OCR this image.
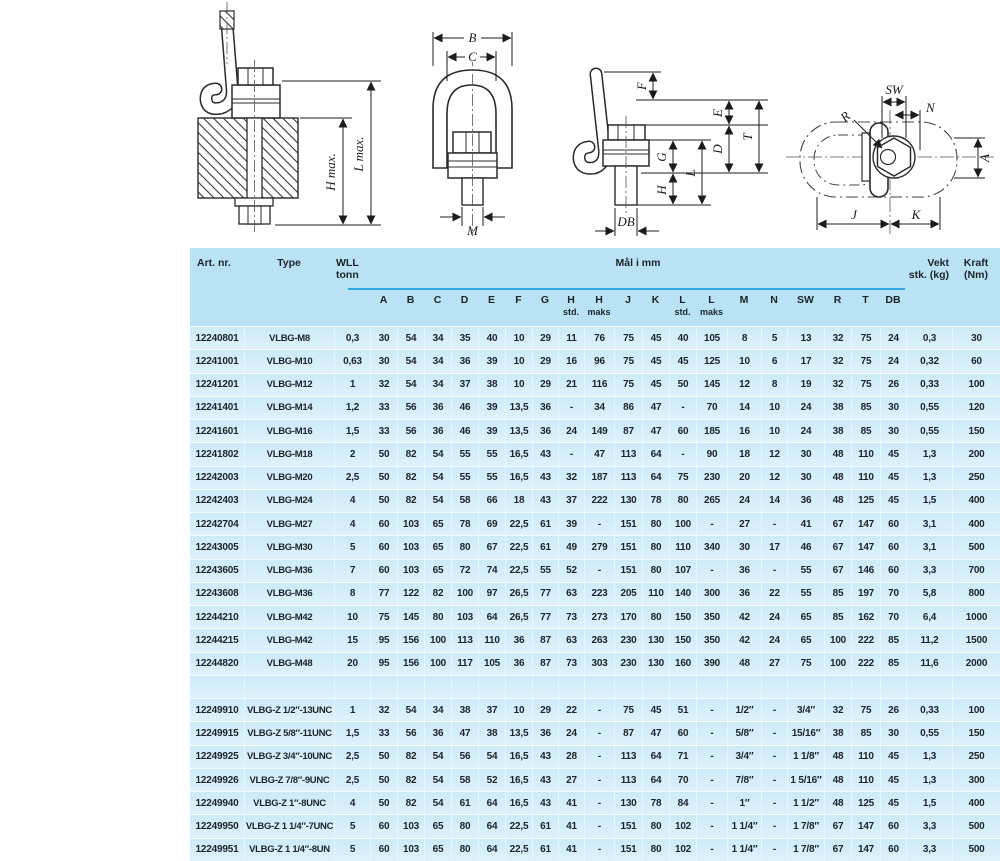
H max. L max.
B
C
M
F
E
T
D
G
L
H
DB
SW
N
R
A
J	K
Art. nr.	Type	WLL
tonn
Mål i mm	Vekt
stk. (kg)
Kraft
(Nm)
A	B	C	D	E	F	G	H
std.
H
maks
J	K	L
std.
L
maks
M	N	SW	R	T	DB
12240801	VLBG-M8	0,3	30	54	34	35	40	10	29	11	76	75	45	40	105	8	5	13	32	75	24	0,3	30
12241001	VLBG-M10	0,63	30	54	34	36	39	10	29	16	96	75	45	45	125	10	6	17	32	75	24	0,32	60
12241201	VLBG-M12	1	32	54	34	37	38	10	29	21	116	75	45	50	145	12	8	19	32	75	26	0,33	100
12241401	VLBG-M14	1,2	33	56	36	46	39	13,5	36	-	34	86	47	-	70	14	10	24	38	85	30	0,55	120
12241601	VLBG-M16	1,5	33	56	36	46	39	13,5	36	24	149	87	47	60	185	16	10	24	38	85	30	0,55	150
12241802	VLBG-M18	2	50	82	54	55	55	16,5	43	-	47	113	64	-	90	18	12	30	48	110	45	1,3	200
12242003	VLBG-M20	2,5	50	82	54	55	55	16,5	43	32	187	113	64	75	230	20	12	30	48	110	45	1,3	250
12242403	VLBG-M24	4	50	82	54	58	66	18	43	37	222	130	78	80	265	24	14	36	48	125	45	1,5	400
12242704	VLBG-M27	4	60	103	65	78	69	22,5	61	39	-	151	80	100	-	27	-	41	67	147	60	3,1	400
12243005	VLBG-M30	5	60	103	65	80	67	22,5	61	49	279	151	80	110	340	30	17	46	67	147	60	3,1	500
12243605	VLBG-M36	7	60	103	65	72	74	22,5	55	52	-	151	80	107	-	36	-	55	67	146	60	3,3	700
12243608	VLBG-M36	8	77	122	82	100	97	26,5	77	63	223	205	110	140	300	36	22	55	85	197	70	5,8	800
12244210	VLBG-M42	10	75	145	80	103	64	26,5	77	73	273	170	80	150	350	42	24	65	85	162	70	6,4	1000
12244215	VLBG-M42	15	95	156	100	113	110	36	87	63	263	230	130	150	350	42	24	65	100	222	85	11,2	1500
12244820	VLBG-M48	20	95	156	100	117	105	36	87	73	303	230	130	160	390	48	27	75	100	222	85	11,6	2000
12249910 VLBG-Z 1/2″-13UNC	1	32	54	34	38	37	10	29	22	-	75	45	51	-	1/2″	-	3/4″	32	75	26	0,33	100
12249915 VLBG-Z 5/8″-11UNC	1,5	33	56	36	47	38	13,5	36	24	-	87	47	60	-	5/8″	-	15/16″	38	85	30	0,55	150
12249925 VLBG-Z 3/4″-10UNC	2,5	50	82	54	56	54	16,5	43	28	-	113	64	71	-	3/4″	-	1 1/8″	48	110	45	1,3	250
12249926	VLBG-Z 7/8″-9UNC	2,5	50	82	54	58	52	16,5	43	27	-	113	64	70	-	7/8″	-	1 5/16″	48	110	45	1,3	300
12249940	VLBG-Z 1″-8UNC	4	50	82	54	61	64	16,5	43	41	-	130	78	84	-	1″	-	1 1/2″	48	125	45	1,5	400
12249950 VLBG-Z 1 1/4″-7UNC	5	60	103	65	80	64	22,5	61	41	-	151	80	102	-	1 1/4″	-	1 7/8″	67	147	60	3,3	500
12249951	VLBG-Z 1 1/4″-8UN	5	60	103	65	80	64	22,5	61	41	-	151	80	102	-	1 1/4″	-	1 7/8″	67	147	60	3,3	500
